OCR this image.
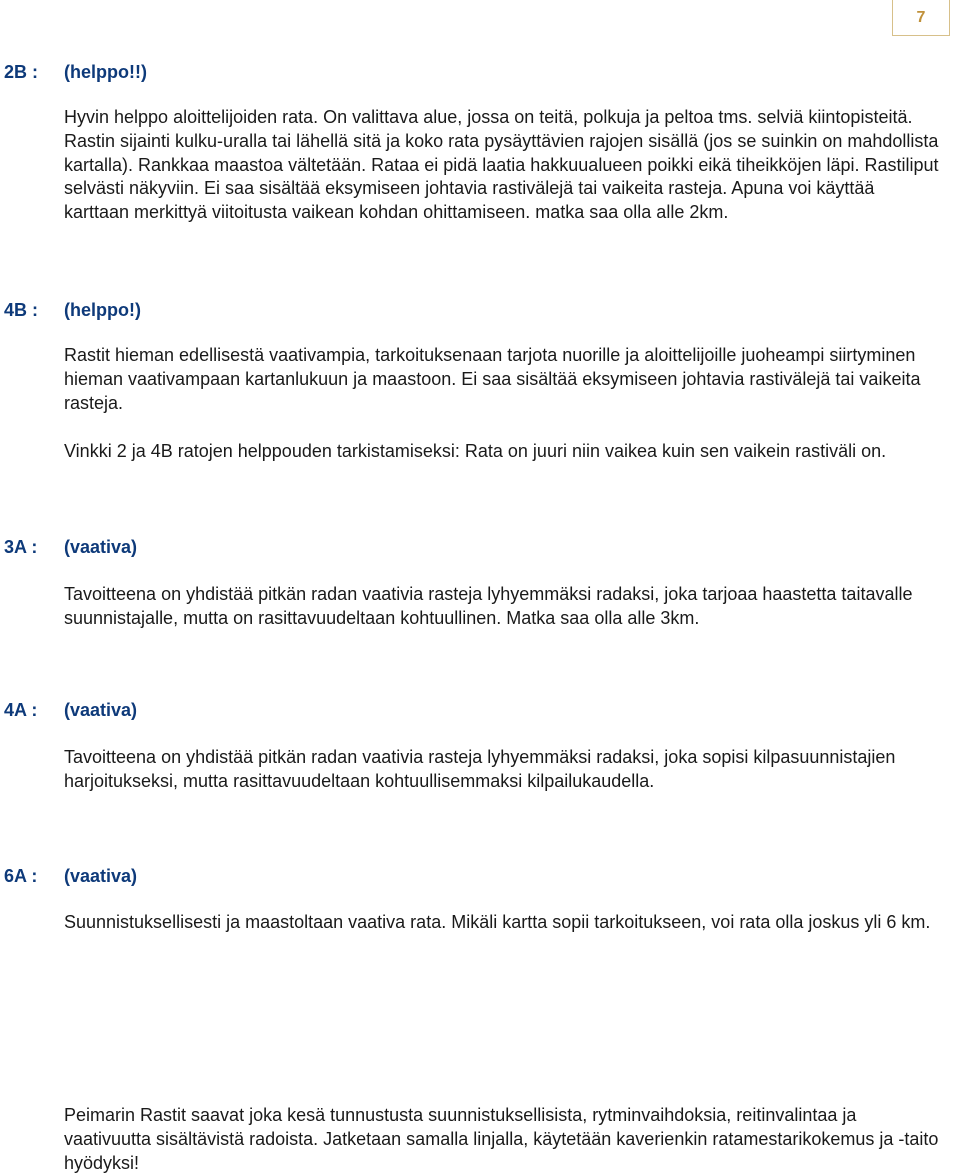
7
2B : (helppo!!)

Hyvin helppo aloittelijoiden rata. On valittava alue, jossa on teitä, polkuja ja peltoa tms. selviä kiintopisteitä. Rastin sijainti kulku-uralla tai lähellä sitä ja koko rata pysäyttävien rajojen sisällä (jos se suinkin on mahdollista kartalla). Rankkaa maastoa vältetään. Rataa ei pidä laatia hakkuualueen poikki eikä tiheikköjen läpi. Rastiliput selvästi näkyviin. Ei saa sisältää eksymiseen johtavia rastivälejä tai vaikeita rasteja. Apuna voi käyttää karttaan merkittyä viitoitusta vaikean kohdan ohittamiseen. matka saa olla alle 2km.

4B : (helppo!)

Rastit hieman edellisestä vaativampia, tarkoituksenaan tarjota nuorille ja aloittelijoille juoheampi siirtyminen hieman vaativampaan kartanlukuun ja maastoon. Ei saa sisältää eksymiseen johtavia rastivälejä tai vaikeita rasteja.

Vinkki 2 ja 4B ratojen helppouden tarkistamiseksi: Rata on juuri niin vaikea kuin sen vaikein rastiväli on.

3A : (vaativa)

Tavoitteena on yhdistää pitkän radan vaativia rasteja lyhyemmäksi radaksi, joka tarjoaa haastetta taitavalle suunnistajalle, mutta on rasittavuudeltaan kohtuullinen. Matka saa olla alle 3km.

4A : (vaativa)

Tavoitteena on yhdistää pitkän radan vaativia rasteja lyhyemmäksi radaksi, joka sopisi kilpasuunnistajien harjoitukseksi, mutta rasittavuudeltaan kohtuullisemmaksi kilpailukaudella.

6A : (vaativa)

Suunnistuksellisesti ja maastoltaan vaativa rata. Mikäli kartta sopii tarkoitukseen, voi rata olla joskus yli 6 km.

Peimarin Rastit saavat joka kesä tunnustusta suunnistuksellisista, rytminvaihdoksia, reitinvalintaa ja vaativuutta sisältävistä radoista. Jatketaan samalla linjalla, käytetään kaverienkin ratamestarikokemus ja -taito hyödyksi!
